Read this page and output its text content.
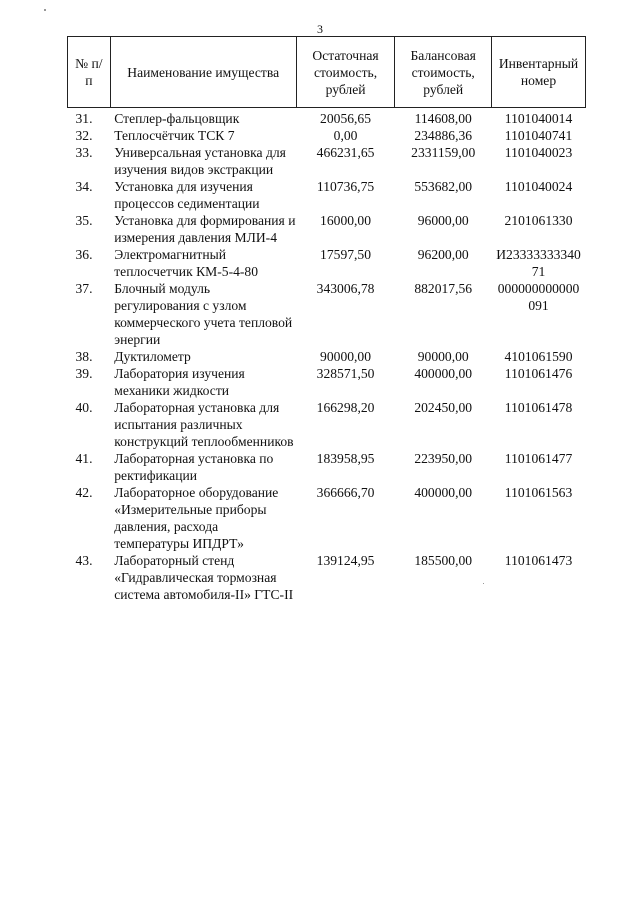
3
№ п/п	Наименование имущества	Остаточная стоимость, рублей	Балансовая стоимость, рублей	Инвентарный номер
31.	Степлер-фальцовщик	20056,65	114608,00	1101040014
32.	Теплосчётчик ТСК 7	0,00	234886,36	1101040741
33.	Универсальная установка для изучения видов экстракции	466231,65	2331159,00	1101040023
34.	Установка для изучения процессов седиментации	110736,75	553682,00	1101040024
35.	Установка для формирования и измерения давления МЛИ-4	16000,00	96000,00	2101061330
36.	Электромагнитный теплосчетчик КМ-5-4-80	17597,50	96200,00	И23333333340 71
37.	Блочный модуль регулирования с узлом коммерческого учета тепловой энергии	343006,78	882017,56	000000000000 091
38.	Дуктилометр	90000,00	90000,00	4101061590
39.	Лаборатория изучения механики жидкости	328571,50	400000,00	1101061476
40.	Лабораторная установка для испытания различных конструкций теплообменников	166298,20	202450,00	1101061478
41.	Лабораторная установка по ректификации	183958,95	223950,00	1101061477
42.	Лабораторное оборудование «Измерительные приборы давления, расхода температуры ИПДРТ»	366666,70	400000,00	1101061563
43.	Лабораторный стенд «Гидравлическая тормозная система автомобиля-II» ГТС-II	139124,95	185500,00	1101061473
